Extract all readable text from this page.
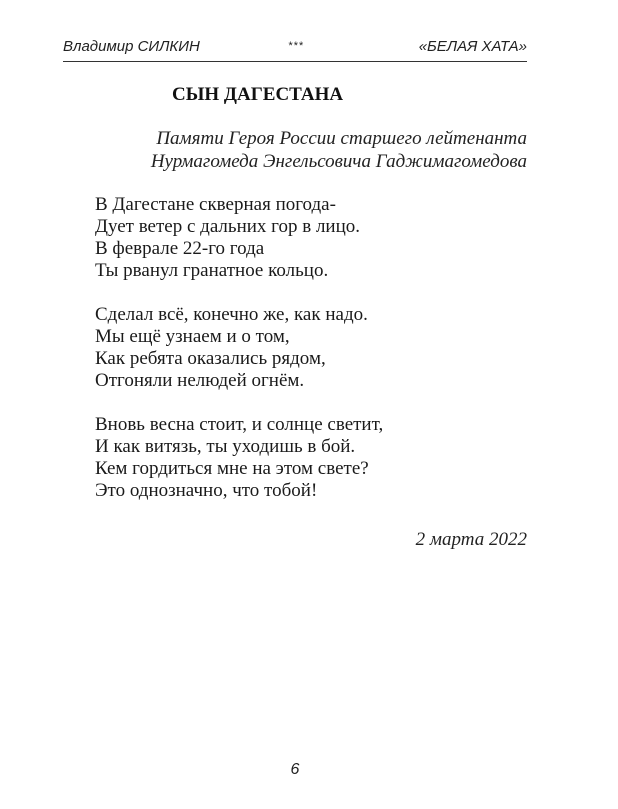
Владимир СИЛКИН	***	«БЕЛАЯ ХАТА»
СЫН ДАГЕСТАНА
Памяти Героя России старшего лейтенанта
Нурмагомеда Энгельсовича Гаджимагомедова
В Дагестане скверная погода-
Дует ветер с дальних гор в лицо.
В феврале 22-го года
Ты рванул гранатное кольцо.
Сделал всё, конечно же, как надо.
Мы ещё узнаем и о том,
Как ребята оказались рядом,
Отгоняли нелюдей огнём.
Вновь весна стоит, и солнце светит,
И как витязь, ты уходишь в бой.
Кем гордиться мне на этом свете?
Это однозначно, что тобой!
2 марта 2022
6
